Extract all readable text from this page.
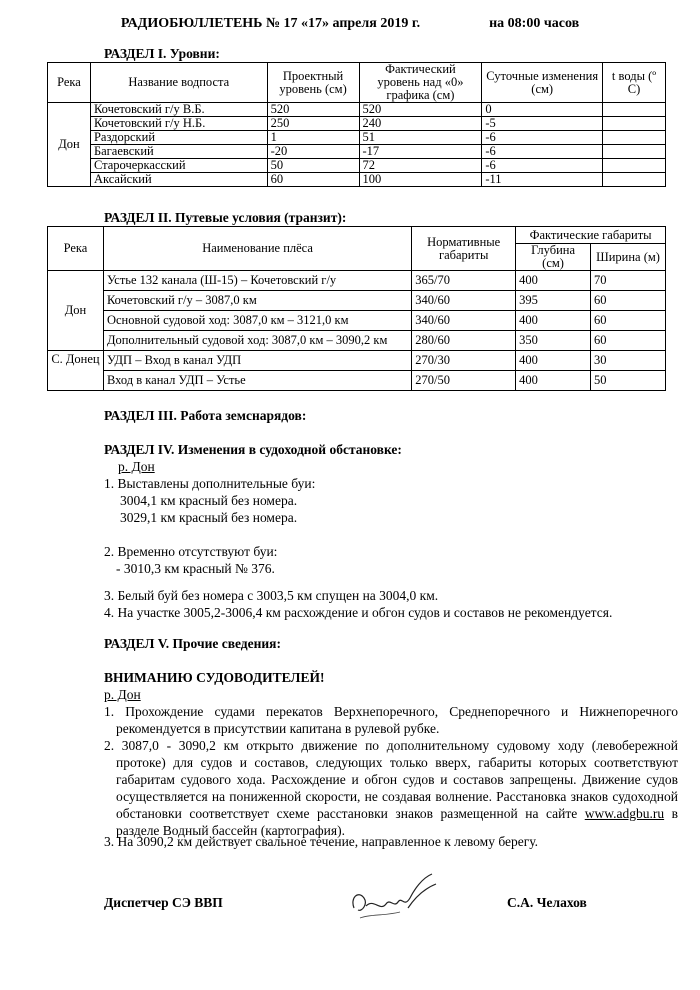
РАДИОБЮЛЛЕТЕНЬ № 17 «17» апреля 2019 г.	на 08:00 часов
РАЗДЕЛ I. Уровни:
Река	Название водпоста	Проектный уровень (см)	Фактический уровень над «0» графика (см)	Суточные изменения (см)	t воды (º C)
Дон	Кочетовский г/у В.Б.	520	520	0	
	Кочетовский г/у Н.Б.	250	240	-5	
	Раздорский	1	51	-6	
	Багаевский	-20	-17	-6	
	Старочеркасский	50	72	-6	
	Аксайский	60	100	-11	
РАЗДЕЛ II. Путевые условия (транзит):
Река	Наименование плёса	Нормативные габариты	Фактические габариты	
			Глубина (см)	Ширина (м)
Дон	Устье 132 канала (Ш-15) – Кочетовский г/у	365/70	400	70
	Кочетовский г/у – 3087,0 км	340/60	395	60
	Основной судовой ход: 3087,0 км – 3121,0 км	340/60	400	60
	Дополнительный судовой ход: 3087,0 км – 3090,2 км	280/60	350	60
С. Донец	УДП – Вход в канал УДП	270/30	400	30
	Вход в канал УДП – Устье	270/50	400	50
РАЗДЕЛ III. Работа земснарядов:
РАЗДЕЛ IV. Изменения в судоходной обстановке:
р. Дон
1. Выставлены дополнительные буи:
3004,1 км красный без номера.
3029,1 км красный без номера.
2. Временно отсутствуют буи:
- 3010,3 км красный № 376.
3. Белый буй без номера с 3003,5 км спущен на 3004,0 км.
4. На участке 3005,2-3006,4 км расхождение и обгон судов и составов не рекомендуется.
РАЗДЕЛ V. Прочие сведения:
ВНИМАНИЮ СУДОВОДИТЕЛЕЙ!
р. Дон
1. Прохождение судами перекатов Верхнепоречного, Среднепоречного и Нижнепоречного рекомендуется в присутствии капитана в рулевой рубке.
2. 3087,0 - 3090,2 км открыто движение по дополнительному судовому ходу (левобережной протоке) для судов и составов, следующих только вверх, габариты которых соответствуют габаритам судового хода. Расхождение и обгон судов и составов запрещены. Движение судов осуществляется на пониженной скорости, не создавая волнение. Расстановка знаков судоходной обстановки соответствует схеме расстановки знаков размещенной на сайте www.adgbu.ru в разделе Водный бассейн (картография).
3. На 3090,2 км действует свальное течение, направленное к левому берегу.
Диспетчер СЭ ВВП	С.А. Челахов
